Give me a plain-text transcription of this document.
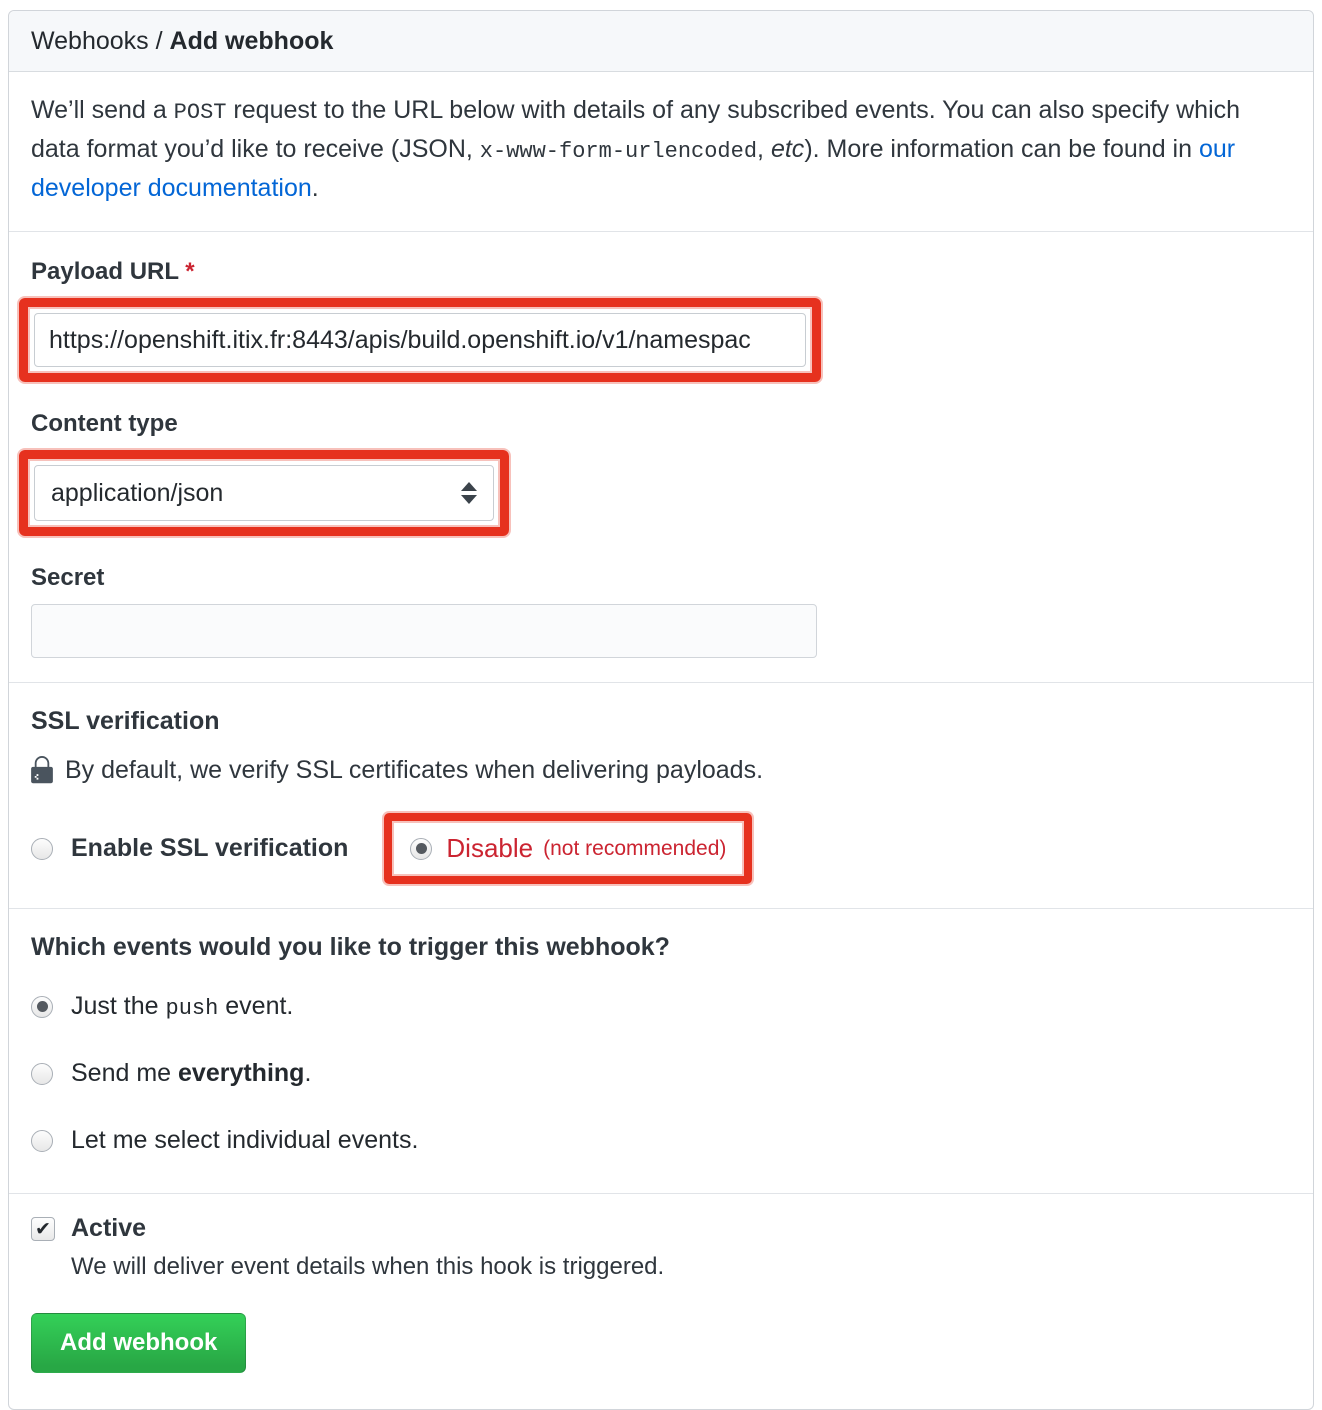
Webhooks / Add webhook

We’ll send a POST request to the URL below with details of any subscribed events. You can also specify which data format you’d like to receive (JSON, x-www-form-urlencoded, etc). More information can be found in our developer documentation.

Payload URL *
https://openshift.itix.fr:8443/apis/build.openshift.io/v1/namespac
Content type
application/json
Secret
SSL verification
By default, we verify SSL certificates when delivering payloads.
Enable SSL verification	Disable (not recommended)
Which events would you like to trigger this webhook?
Just the push event.
Send me everything.
Let me select individual events.
✔ Active
We will deliver event details when this hook is triggered.
Add webhook
